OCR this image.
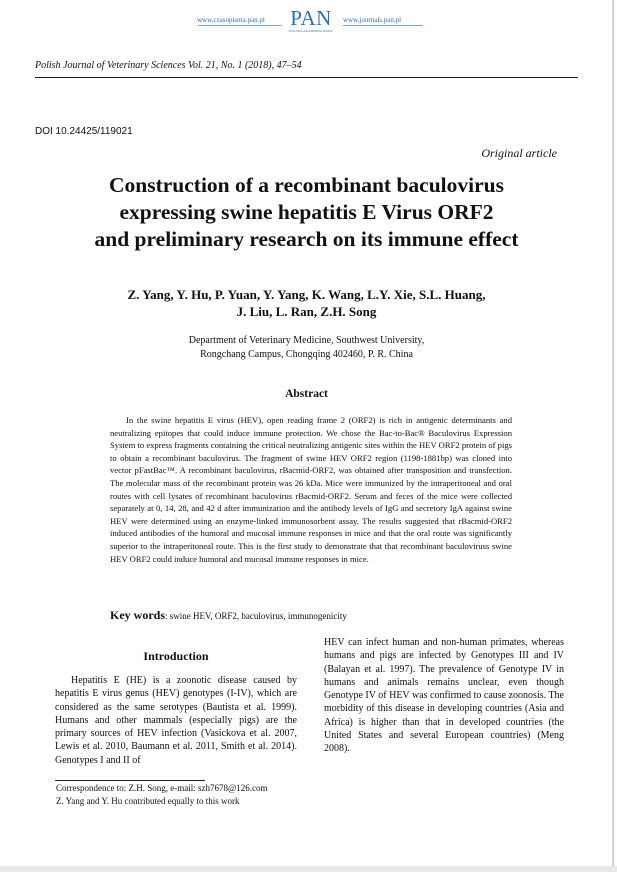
www.czasopisma.pan.pl PAN
POLSKA AKADEMIA NAUK
www.journals.pan.pl
Polish Journal of Veterinary Sciences Vol. 21, No. 1 (2018), 47–54
DOI 10.24425/119021
Original article
Construction of a recombinant baculovirus
expressing swine hepatitis E Virus ORF2
and preliminary research on its immune effect
Z. Yang, Y. Hu, P. Yuan, Y. Yang, K. Wang, L.Y. Xie, S.L. Huang,
J. Liu, L. Ran, Z.H. Song
Department of Veterinary Medicine, Southwest University,
Rongchang Campus, Chongqing 402460, P. R. China
Abstract
In the swine hepatitis E virus (HEV), open reading frame 2 (ORF2) is rich in antigenic determinants and neutralizing epitopes that could induce immune protection. We chose the Bac-to-Bac® Baculovirus Expression System to express fragments containing the critical neutralizing antigenic sites within the HEV ORF2 protein of pigs to obtain a recombinant baculovirus. The fragment of swine HEV ORF2 region (1198-1881bp) was cloned into vector pFastBac™. A recombinant baculovirus, rBacmid-ORF2, was obtained after transposition and transfection. The molecular mass of the recombinant protein was 26 kDa. Mice were immunized by the intraperitoneal and oral routes with cell lysates of recombinant baculovirus rBacmid-ORF2. Serum and feces of the mice were collected separately at 0, 14, 28, and 42 d after immunization and the antibody levels of IgG and secretory IgA against swine HEV were determined using an enzyme-linked immunosorbent assay. The results suggested that rBacmid-ORF2 induced antibodies of the humoral and mucosal immune responses in mice and that the oral route was significantly superior to the intraperitoneal route. This is the first study to demonstrate that that recombinant baculoviruss swine HEV ORF2 could induce humoral and mucosal immune responses in mice.
Key words: swine HEV, ORF2, baculovirus, immunogenicity
Introduction
Hepatitis E (HE) is a zoonotic disease caused by hepatitis E virus genus (HEV) genotypes (I-IV), which are considered as the same serotypes (Bautista et al. 1999). Humans and other mammals (especially pigs) are the primary sources of HEV infection (Vasickova et al. 2007, Lewis et al. 2010, Baumann et al. 2011, Smith et al. 2014). Genotypes I and II of
HEV can infect human and non-human primates, whereas humans and pigs are infected by Genotypes III and IV (Balayan et al. 1997). The prevalence of Genotype IV in humans and animals remains unclear, even though Genotype IV of HEV was confirmed to cause zoonosis. The morbidity of this disease in developing countries (Asia and Africa) is higher than that in developed countries (the United States and several European countries) (Meng 2008).
Correspondence to: Z.H. Song, e-mail: szh7678@126.com
Z. Yang and Y. Hu contributed equally to this work
